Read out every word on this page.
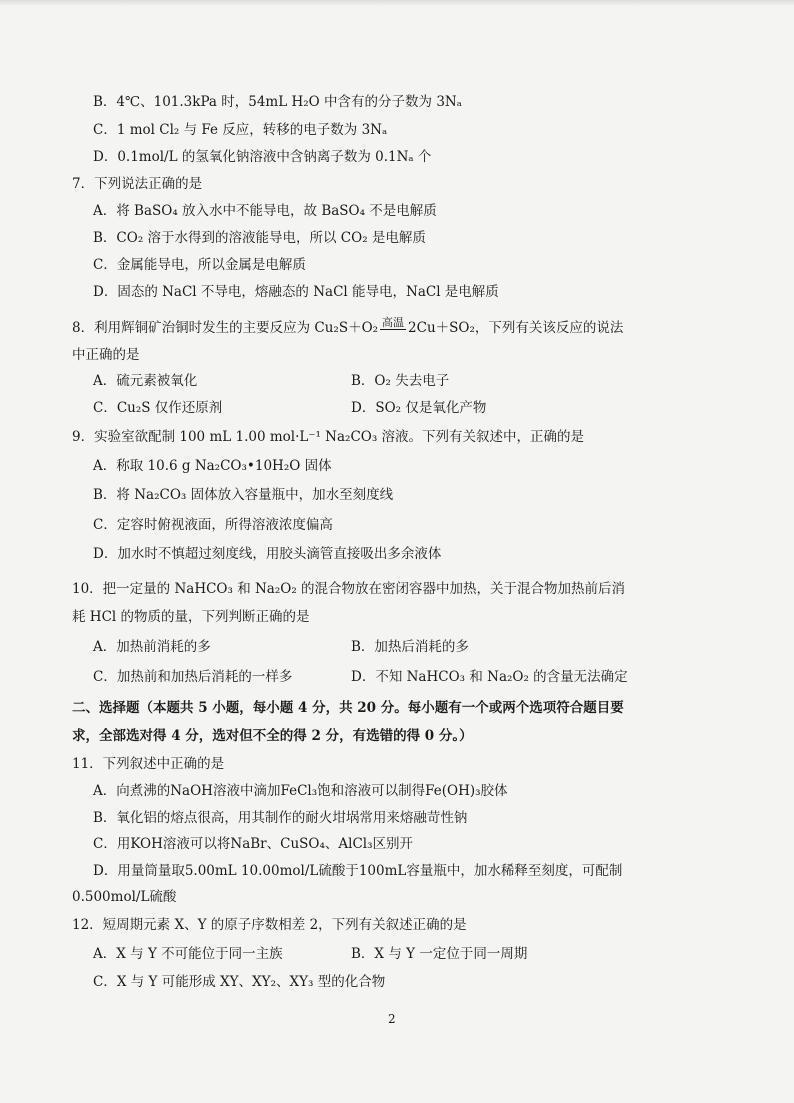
B．4℃、101.3kPa 时，54mL H₂O 中含有的分子数为 3Nₐ
C．1 mol Cl₂ 与 Fe 反应，转移的电子数为 3Nₐ
D．0.1mol/L 的氢氧化钠溶液中含钠离子数为 0.1Nₐ 个
7．下列说法正确的是
A．将 BaSO₄ 放入水中不能导电，故 BaSO₄ 不是电解质
B．CO₂ 溶于水得到的溶液能导电，所以 CO₂ 是电解质
C．金属能导电，所以金属是电解质
D．固态的 NaCl 不导电，熔融态的 NaCl 能导电，NaCl 是电解质
8．利用辉铜矿治铜时发生的主要反应为 Cu₂S＋O₂ 高温 2Cu＋SO₂，下列有关该反应的说法
中正确的是
A．硫元素被氧化	B．O₂ 失去电子
C．Cu₂S 仅作还原剂	D．SO₂ 仅是氧化产物
9．实验室欲配制 100 mL 1.00 mol·L⁻¹ Na₂CO₃ 溶液。下列有关叙述中，正确的是
A．称取 10.6 g Na₂CO₃•10H₂O 固体
B．将 Na₂CO₃ 固体放入容量瓶中，加水至刻度线
C．定容时俯视液面，所得溶液浓度偏高
D．加水时不慎超过刻度线，用胶头滴管直接吸出多余液体
10．把一定量的 NaHCO₃ 和 Na₂O₂ 的混合物放在密闭容器中加热，关于混合物加热前后消
耗 HCl 的物质的量，下列判断正确的是
A．加热前消耗的多	B．加热后消耗的多
C．加热前和加热后消耗的一样多	D．不知 NaHCO₃ 和 Na₂O₂ 的含量无法确定
二、选择题（本题共 5 小题，每小题 4 分，共 20 分。每小题有一个或两个选项符合题目要
求，全部选对得 4 分，选对但不全的得 2 分，有选错的得 0 分。）
11．下列叙述中正确的是
A．向煮沸的NaOH溶液中滴加FeCl₃饱和溶液可以制得Fe(OH)₃胶体
B．氧化铝的熔点很高，用其制作的耐火坩埚常用来熔融苛性钠
C．用KOH溶液可以将NaBr、CuSO₄、AlCl₃区别开
D．用量筒量取5.00mL 10.00mol/L硫酸于100mL容量瓶中，加水稀释至刻度，可配制
0.500mol/L硫酸
12．短周期元素 X、Y 的原子序数相差 2，下列有关叙述正确的是
A．X 与 Y 不可能位于同一主族	B．X 与 Y 一定位于同一周期
C．X 与 Y 可能形成 XY、XY₂、XY₃ 型的化合物
2
